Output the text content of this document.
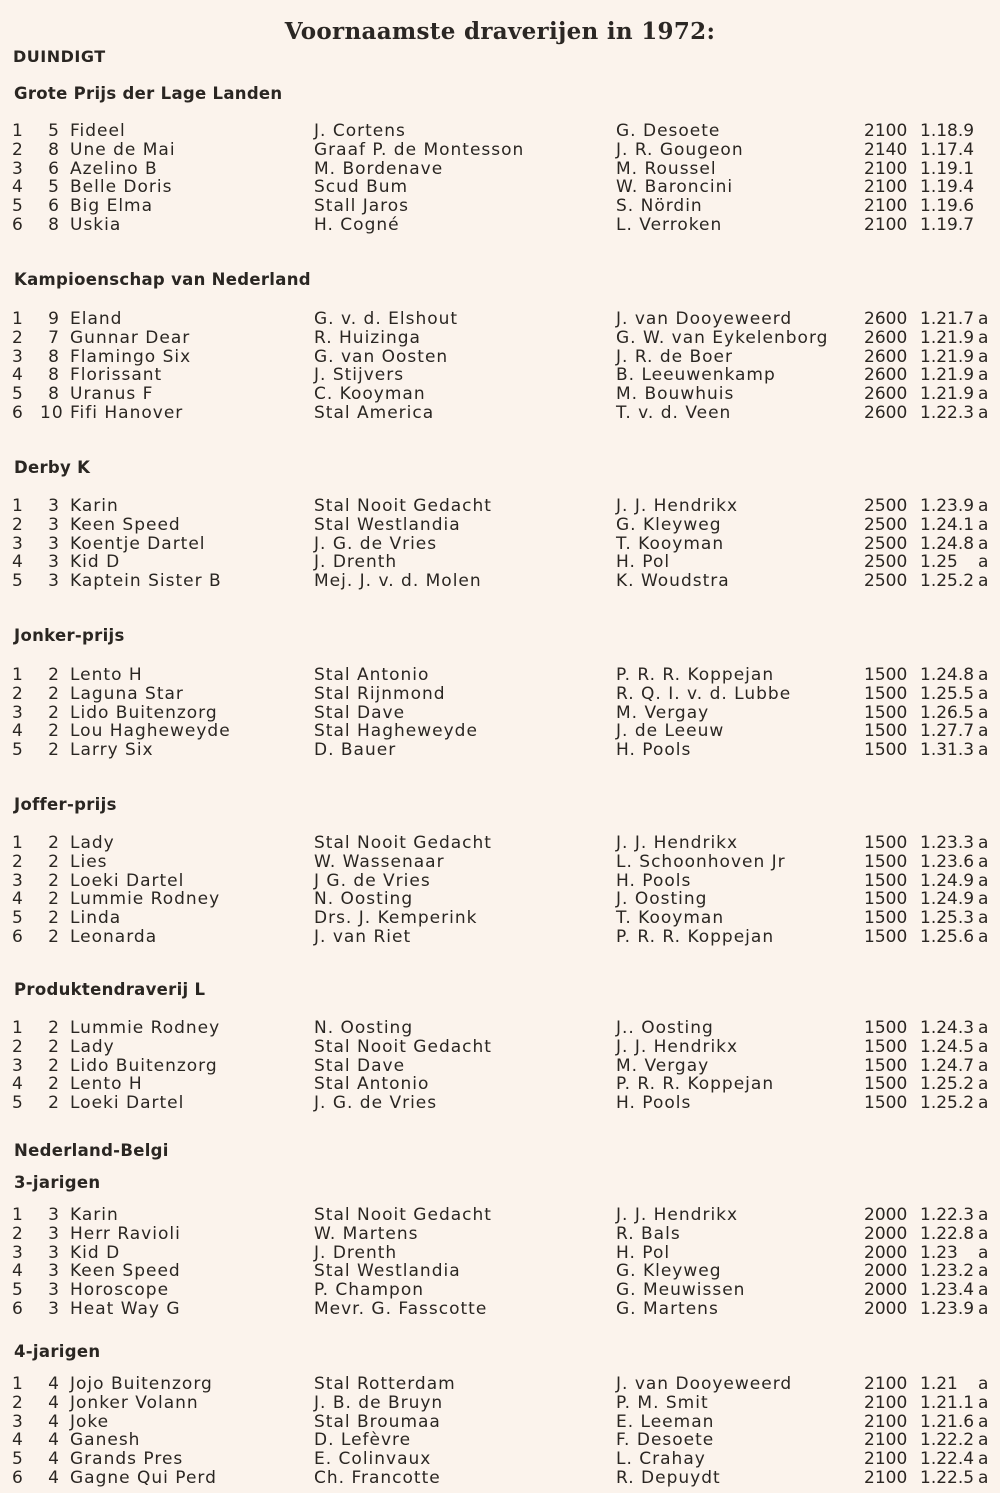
Voornaamste draverijen in 1972:
DUINDIGT
Grote Prijs der Lage Landen
1	5 Fideel	J. Cortens	G. Desoete	2100 1.18.9
2	8 Une de Mai	Graaf P. de Montesson	J. R. Gougeon	2140 1.17.4
3	6 Azelino B	M. Bordenave	M. Roussel	2100 1.19.1
4	5 Belle Doris	Scud Bum	W. Baroncini	2100 1.19.4
5	6 Big Elma	Stall Jaros	S. Nördin	2100 1.19.6
6	8 Uskia	H. Cogné	L. Verroken	2100 1.19.7
Kampioenschap van Nederland
1	9 Eland	G. v. d. Elshout	J. van Dooyeweerd	2600 1.21.7 a
2	7 Gunnar Dear	R. Huizinga	G. W. van Eykelenborg 2600 1.21.9 a
3	8 Flamingo Six	G. van Oosten	J. R. de Boer	2600 1.21.9 a
4	8 Florissant	J. Stijvers	B. Leeuwenkamp	2600 1.21.9 a
5	8 Uranus F	C. Kooyman	M. Bouwhuis	2600 1.21.9 a
6 10 Fifi Hanover	Stal America	T. v. d. Veen	2600 1.22.3 a
Derby K
1	3 Karin	Stal Nooit Gedacht	J. J. Hendrikx	2500 1.23.9 a
2	3 Keen Speed	Stal Westlandia	G. Kleyweg	2500 1.24.1 a
3	3 Koentje Dartel	J. G. de Vries	T. Kooyman	2500 1.24.8 a
4	3 Kid D	J. Drenth	H. Pol	2500 1.25 a
5	3 Kaptein Sister B	Mej. J. v. d. Molen	K. Woudstra	2500 1.25.2 a
Jonker-prijs
1	2 Lento H	Stal Antonio	P. R. R. Koppejan	1500 1.24.8 a
2	2 Laguna Star	Stal Rijnmond	R. Q. I. v. d. Lubbe	1500 1.25.5 a
3	2 Lido Buitenzorg	Stal Dave	M. Vergay	1500 1.26.5 a
4	2 Lou Hagheweyde	Stal Hagheweyde	J. de Leeuw	1500 1.27.7 a
5	2 Larry Six	D. Bauer	H. Pools	1500 1.31.3 a
Joffer-prijs
1	2 Lady	Stal Nooit Gedacht	J. J. Hendrikx	1500 1.23.3 a
2	2 Lies	W. Wassenaar	L. Schoonhoven Jr	1500 1.23.6 a
3	2 Loeki Dartel	J G. de Vries	H. Pools	1500 1.24.9 a
4	2 Lummie Rodney	N. Oosting	J. Oosting	1500 1.24.9 a
5	2 Linda	Drs. J. Kemperink	T. Kooyman	1500 1.25.3 a
6	2 Leonarda	J. van Riet	P. R. R. Koppejan	1500 1.25.6 a
Produktendraverij L
1	2 Lummie Rodney	N. Oosting	J.. Oosting	1500 1.24.3 a
2	2 Lady	Stal Nooit Gedacht	J. J. Hendrikx	1500 1.24.5 a
3	2 Lido Buitenzorg	Stal Dave	M. Vergay	1500 1.24.7 a
4	2 Lento H	Stal Antonio	P. R. R. Koppejan	1500 1.25.2 a
5	2 Loeki Dartel	J. G. de Vries	H. Pools	1500 1.25.2 a
Nederland-Belgi
3-jarigen
1	3 Karin	Stal Nooit Gedacht	J. J. Hendrikx	2000 1.22.3 a
2	3 Herr Ravioli	W. Martens	R. Bals	2000 1.22.8 a
3	3 Kid D	J. Drenth	H. Pol	2000 1.23 a
4	3 Keen Speed	Stal Westlandia	G. Kleyweg	2000 1.23.2 a
5	3 Horoscope	P. Champon	G. Meuwissen	2000 1.23.4 a
6	3 Heat Way G	Mevr. G. Fasscotte	G. Martens	2000 1.23.9 a
4-jarigen
1	4 Jojo Buitenzorg	Stal Rotterdam	J. van Dooyeweerd	2100 1.21 a
2	4 Jonker Volann	J. B. de Bruyn	P. M. Smit	2100 1.21.1 a
3	4 Joke	Stal Broumaa	E. Leeman	2100 1.21.6 a
4	4 Ganesh	D. Lefèvre	F. Desoete	2100 1.22.2 a
5	4 Grands Pres	E. Colinvaux	L. Crahay	2100 1.22.4 a
6	4 Gagne Qui Perd	Ch. Francotte	R. Depuydt	2100 1.22.5 a
